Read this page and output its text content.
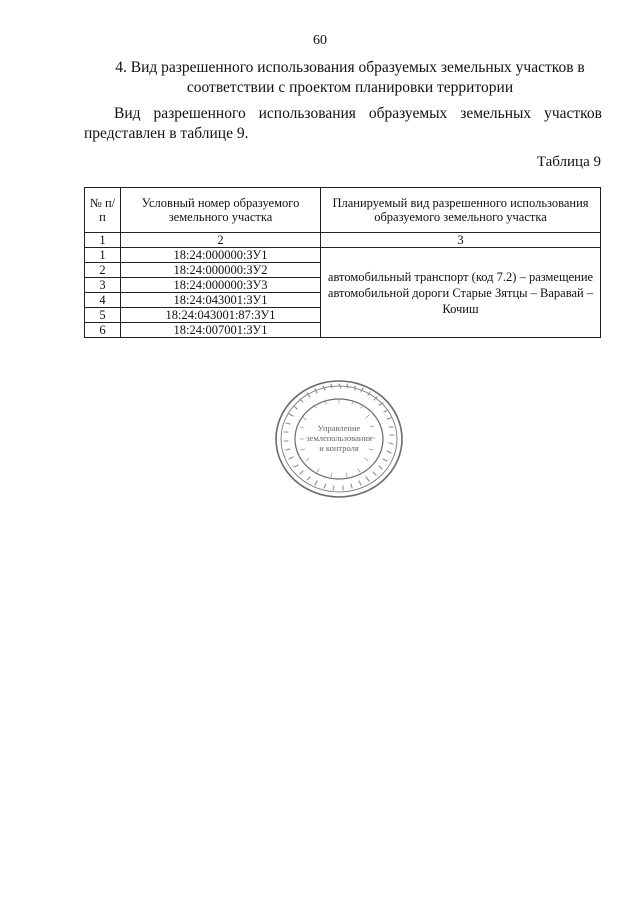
60
4. Вид разрешенного использования образуемых земельных участков в
соответствии с проектом планировки территории
Вид разрешенного использования образуемых земельных участков
представлен в таблице 9.
Таблица 9
№ п/п	Условный номер образуемого земельного участка	Планируемый вид разрешенного использования образуемого земельного участка
1	2	3
1	18:24:000000:ЗУ1	автомобильный транспорт (код 7.2) – размещение автомобильной дороги Старые Зятцы – Варавай – Кочиш
2	18:24:000000:ЗУ2	
3	18:24:000000:ЗУ3	
4	18:24:043001:ЗУ1	
5	18:24:043001:87:ЗУ1	
6	18:24:007001:ЗУ1	
Управление
землепользования
и контроля
